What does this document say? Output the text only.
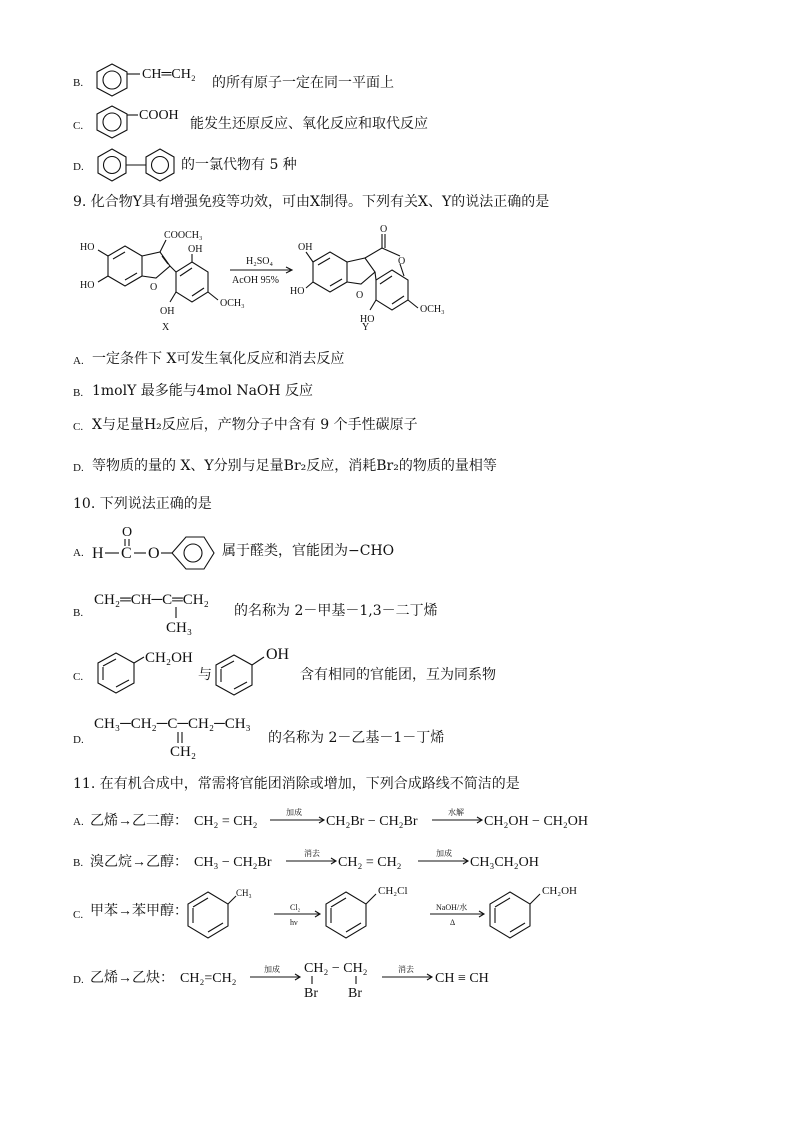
B.
CH═CH₂
的所有原子一定在同一平面上
C.
COOH
能发生还原反应、氧化反应和取代反应
D.	的一氯代物有 5 种
9. 化合物Y具有增强免疫等功效，可由X制得。下列有关X、Y的说法正确的是
HO
HO	O
COOCH₃
OH
OH
OCH₃
X
H₂SO₄
AcOH 95%
OH
HO	O
O
O
HO
OCH₃
Y
A. 一定条件下 X可发生氧化反应和消去反应
B. 1molY 最多能与4mol NaOH 反应
C. X与足量H₂反应后，产物分子中含有 9 个手性碳原子
D. 等物质的量的 X、Y分别与足量Br₂反应，消耗Br₂的物质的量相等
10. 下列说法正确的是
A.
O
H C O	属于醛类，官能团为−CHO
B.
CH₂═CH─C═CH₂
CH₃
的名称为 2－甲基－1,3－二丁烯
C.
CH₂OH
与
OH
含有相同的官能团，互为同系物
D.
CH₃─CH₂─C─CH₂─CH₃
CH₂
的名称为 2－乙基－1－丁烯
11. 在有机合成中，常需将官能团消除或增加，下列合成路线不简洁的是
A. 乙烯→乙二醇： CH₂ = CH₂
加成
CH₂Br − CH₂Br
水解
CH₂OH − CH₂OH
B. 溴乙烷→乙醇： CH₃ − CH₂Br
消去
CH₂ = CH₂
加成
CH₃CH₂OH
C. 甲苯→苯甲醇：
CH₃
Cl₂
hν
CH₂Cl
NaOH/水
Δ
CH₂OH
D. 乙烯→乙炔： CH₂=CH₂
加成 CH₂ − CH₂
Br Br
消去
CH ≡ CH
